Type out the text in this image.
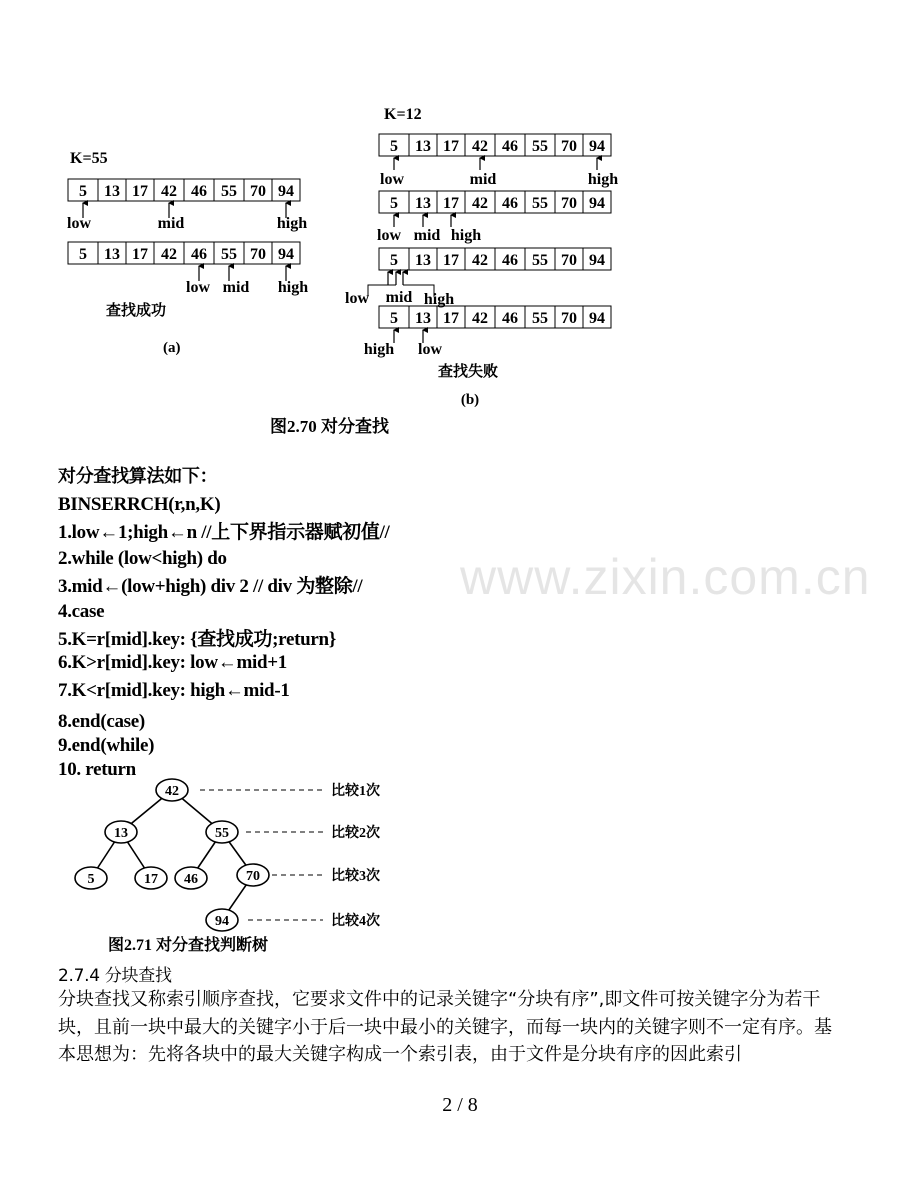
K=55
5 13 17 42 46 55 70 94
low	mid	high
5 13 17 42 46 55 70 94
low mid high
查找成功
(a)
K=12
5 13 17 42 46 55 70 94
low	mid	high
5 13 17 42 46 55 70 94
low mid high
5 13 17 42 46 55 70 94
low mid high
5 13 17 42 46 55 70 94
high low
查找失败
(b)
图2.70 对分查找
42
13	55
5	17 46	70
94
比较1次
比较2次
比较3次
比较4次
图2.71 对分查找判断树
对分查找算法如下：
BINSERRCH(r,n,K)
1.low←1;high←n //上下界指示器赋初值//
2.while (low<high) do
3.mid←(low+high) div 2 // div 为整除//
4.case
5.K=r[mid].key: {查找成功;return}
6.K>r[mid].key: low←mid+1
7.K<r[mid].key: high←mid-1
8.end(case)
9.end(while)
10. return
2.7.4 分块查找
分块查找又称索引顺序查找，它要求文件中的记录关键字“分块有序”,即文件可按关键字分为若干块，且前一块中最大的关键字小于后一块中最小的关键字，而每一块内的关键字则不一定有序。基本思想为：先将各块中的最大关键字构成一个索引表，由于文件是分块有序的因此索引
www.zixin.com.cn
2 / 8
